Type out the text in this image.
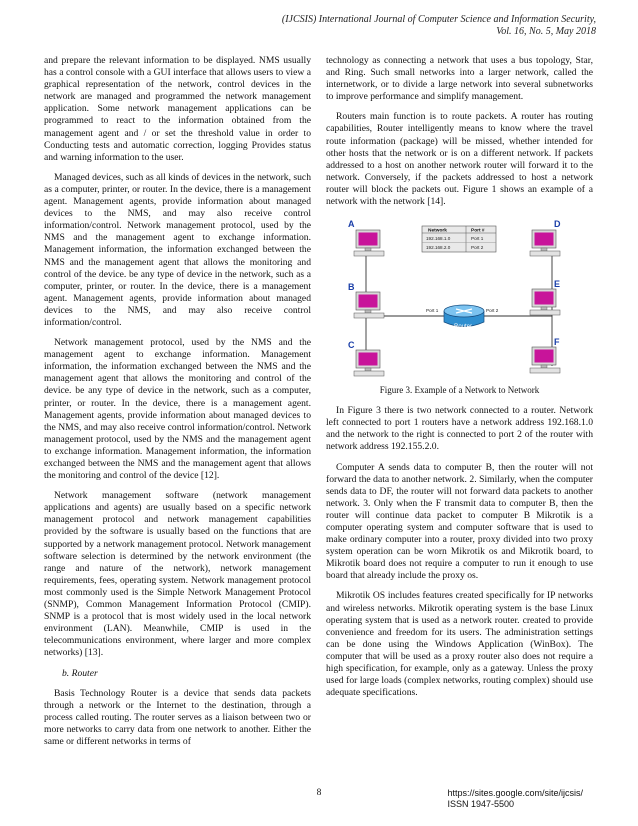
(IJCSIS) International Journal of Computer Science and Information Security,
Vol. 16, No. 5, May 2018

and prepare the relevant information to be displayed. NMS usually has a control console with a GUI interface that allows users to view a graphical representation of the network, control devices in the network are managed and programmed the network management application. Some network management applications can be programmed to react to the information obtained from the management agent and / or set the threshold value in order to Conducting tests and automatic correction, logging Provides status and warning information to the user.

Managed devices, such as all kinds of devices in the network, such as a computer, printer, or router. In the device, there is a management agent. Management agents, provide information about managed devices to the NMS, and may also receive control information/control. Network management protocol, used by the NMS and the management agent to exchange information. Management information, the information exchanged between the NMS and the management agent that allows the monitoring and control of the device. be any type of device in the network, such as a computer, printer, or router. In the device, there is a management agent. Management agents, provide information about managed devices to the NMS, and may also receive control information/control.

Network management protocol, used by the NMS and the management agent to exchange information. Management information, the information exchanged between the NMS and the management agent that allows the monitoring and control of the device. be any type of device in the network, such as a computer, printer, or router. In the device, there is a management agent. Management agents, provide information about managed devices to the NMS, and may also receive control information/control. Network management protocol, used by the NMS and the management agent to exchange information. Management information, the information exchanged between the NMS and the management agent that allows the monitoring and control of the device [12].

Network management software (network management applications and agents) are usually based on a specific network management protocol and network management capabilities provided by the software is usually based on the functions that are supported by a network management protocol. Network management software selection is determined by the network environment (the range and nature of the network), network management requirements, fees, operating system. Network management protocol most commonly used is the Simple Network Management Protocol (SNMP), Common Management Information Protocol (CMIP). SNMP is a protocol that is most widely used in the local network environment (LAN). Meanwhile, CMIP is used in the telecommunications environment, where larger and more complex networks) [13].

b. Router

Basis Technology Router is a device that sends data packets through a network or the Internet to the destination, through a process called routing. The router serves as a liaison between two or more networks to carry data from one network to another. Either the same or different networks in terms of

technology as connecting a network that uses a bus topology, Star, and Ring. Such small networks into a larger network, called the internetwork, or to divide a large network into several subnetworks to improve performance and simplify management.

Routers main function is to route packets. A router has routing capabilities, Router intelligently means to know where the travel route information (package) will be missed, whether intended for other hosts that the network or is on a different network. If packets addressed to a host on another network router will forward it to the network. Conversely, if the packets addressed to host a network router will block the packets out. Figure 1 shows an example of a network with the network [14].

Network	Port #
192.168.1.0	Port 1
192.168.2.0	Port 2
Router
Port 1	Port 2
A
B
C
D
E
F
Figure 3. Example of a Network to Network

In Figure 3 there is two network connected to a router. Network left connected to port 1 routers have a network address 192.168.1.0 and the network to the right is connected to port 2 of the router with network address 192.155.2.0.

Computer A sends data to computer B, then the router will not forward the data to another network. 2. Similarly, when the computer sends data to DF, the router will not forward data packets to another network. 3. Only when the F transmit data to computer B, then the router will continue data packet to computer B Mikrotik is a computer operating system and computer software that is used to make ordinary computer into a router, proxy divided into two proxy system operation can be worn Mikrotik os and Mikrotik board, to Mikrotik board does not require a computer to run it enough to use board that already include the proxy os.

Mikrotik OS includes features created specifically for IP networks and wireless networks. Mikrotik operating system is the base Linux operating system that is used as a network router. created to provide convenience and freedom for its users. The administration settings can be done using the Windows Application (WinBox). The computer that will be used as a proxy router also does not require a high specification, for example, only as a gateway. Unless the proxy used for large loads (complex networks, routing complex) should use adequate specifications.

8	https://sites.google.com/site/ijcsis/
ISSN 1947-5500
